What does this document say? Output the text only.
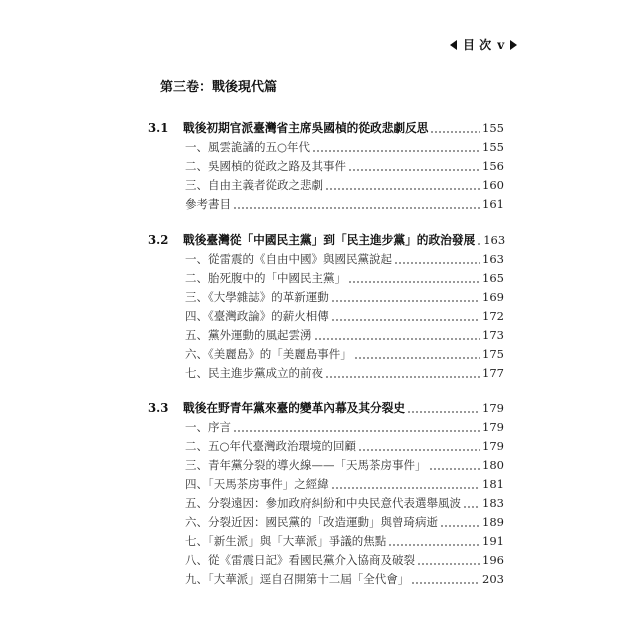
目 次 v
第三卷：戰後現代篇
3.1	戰後初期官派臺灣省主席吳國楨的從政悲劇反思	155
一、風雲詭譎的五○年代	155
二、吳國楨的從政之路及其事件	156
三、自由主義者從政之悲劇	160
參考書目	161
3.2	戰後臺灣從「中國民主黨」到「民主進步黨」的政治發展 163
一、從雷震的《自由中國》與國民黨說起	163
二、胎死腹中的「中國民主黨」	165
三、《大學雜誌》的革新運動	169
四、《臺灣政論》的薪火相傳	172
五、黨外運動的風起雲湧	173
六、《美麗島》的「美麗島事件」	175
七、民主進步黨成立的前夜	177
3.3	戰後在野青年黨來臺的變革內幕及其分裂史	179
一、序言	179
二、五○年代臺灣政治環境的回顧	179
三、青年黨分裂的導火線——「天馬茶房事件」	180
四、「天馬茶房事件」之經緯	181
五、分裂遠因：參加政府糾紛和中央民意代表選舉風波 183
六、分裂近因：國民黨的「改造運動」與曾琦病逝	189
七、「新生派」與「大華派」爭議的焦點	191
八、從《雷震日記》看國民黨介入協商及破裂	196
九、「大華派」逕自召開第十二屆「全代會」	203
